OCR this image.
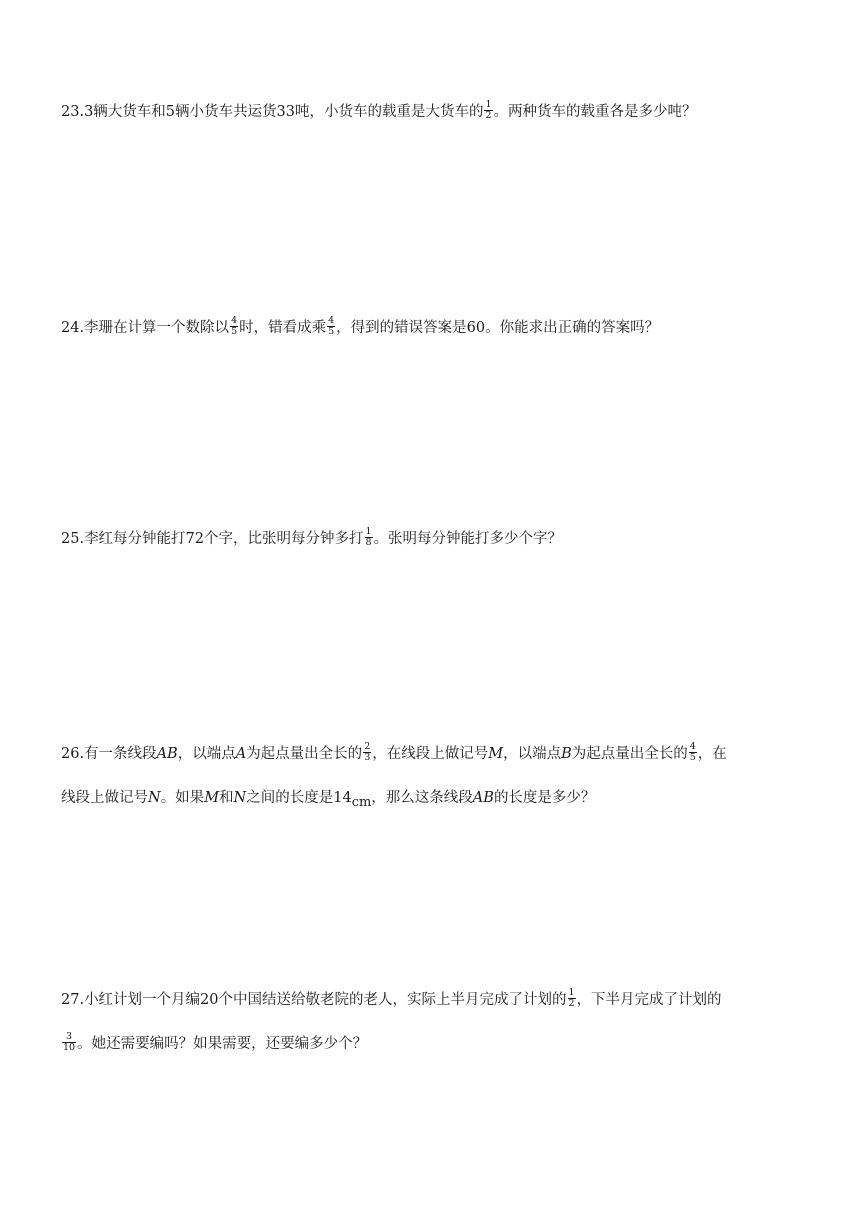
23.3辆大货车和5辆小货车共运货33吨，小货车的载重是大货车的 $\frac{1}{2}$ 。两种货车的载重各是多少吨？

24.李珊在计算一个数除以 $\frac{4}{5}$ 时，错看成乘 $\frac{4}{5}$ ，得到的错误答案是60。你能求出正确的答案吗？

25.李红每分钟能打72个字，比张明每分钟多打 $\frac{1}{8}$ 。张明每分钟能打多少个字？

26.有一条线段AB，以端点A为起点量出全长的 $\frac{2}{3}$ ，在线段上做记号M，以端点B为起点量出全长的 $\frac{4}{5}$ ，在

线段上做记号N。如果M和N之间的长度是14cm，那么这条线段AB的长度是多少？

27.小红计划一个月编20个中国结送给敬老院的老人，实际上半月完成了计划的 $\frac{1}{2}$ ，下半月完成了计划的

$\frac{3}{10}$ 。她还需要编吗？如果需要，还要编多少个？
